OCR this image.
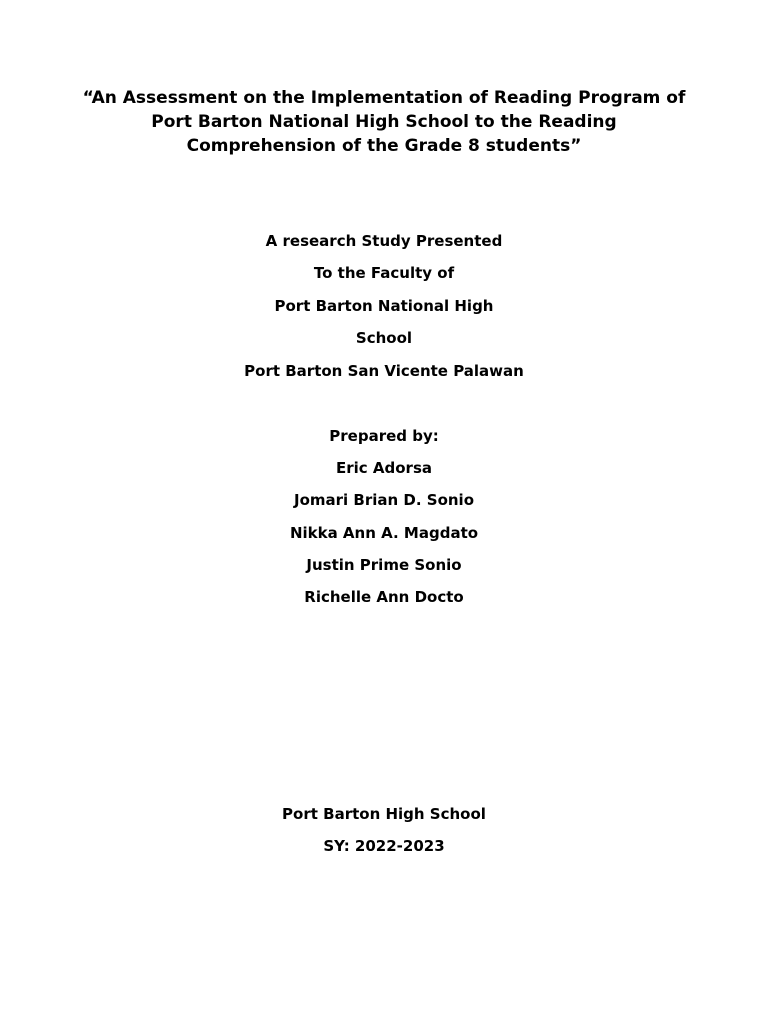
“An Assessment on the Implementation of Reading Program of
Port Barton National High School to the Reading
Comprehension of the Grade 8 students”
A research Study Presented
To the Faculty of
Port Barton National High
School
Port Barton San Vicente Palawan
Prepared by:
Eric Adorsa
Jomari Brian D. Sonio
Nikka Ann A. Magdato
Justin Prime Sonio
Richelle Ann Docto
Port Barton High School
SY: 2022-2023
